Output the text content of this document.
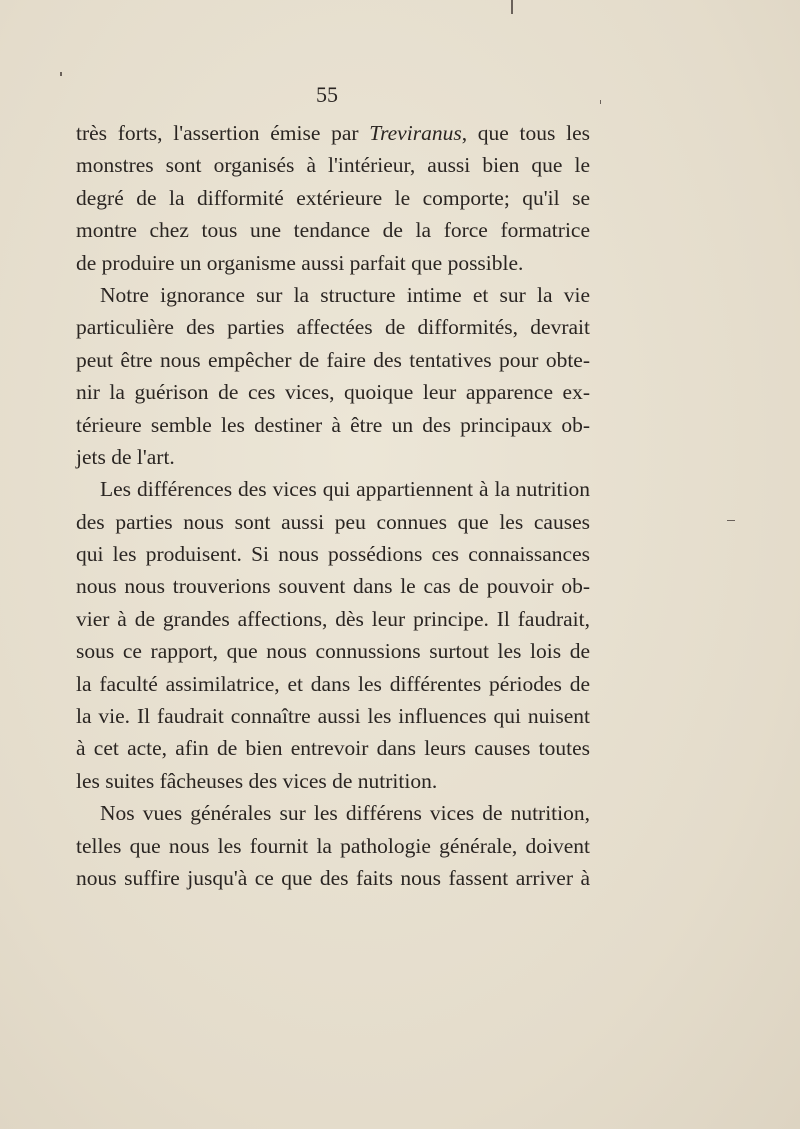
55
très forts, l'assertion émise par Treviranus, que tous les
monstres sont organisés à l'intérieur, aussi bien que le
degré de la difformité extérieure le comporte; qu'il se
montre chez tous une tendance de la force formatrice
de produire un organisme aussi parfait que possible.
Notre ignorance sur la structure intime et sur la vie
particulière des parties affectées de difformités, devrait
peut être nous empêcher de faire des tentatives pour obte-
nir la guérison de ces vices, quoique leur apparence ex-
térieure semble les destiner à être un des principaux ob-
jets de l'art.
Les différences des vices qui appartiennent à la nutrition
des parties nous sont aussi peu connues que les causes
qui les produisent. Si nous possédions ces connaissances
nous nous trouverions souvent dans le cas de pouvoir ob-
vier à de grandes affections, dès leur principe. Il faudrait,
sous ce rapport, que nous connussions surtout les lois de
la faculté assimilatrice, et dans les différentes périodes de
la vie. Il faudrait connaître aussi les influences qui nuisent
à cet acte, afin de bien entrevoir dans leurs causes toutes
les suites fâcheuses des vices de nutrition.
Nos vues générales sur les différens vices de nutrition,
telles que nous les fournit la pathologie générale, doivent
nous suffire jusqu'à ce que des faits nous fassent arriver à
